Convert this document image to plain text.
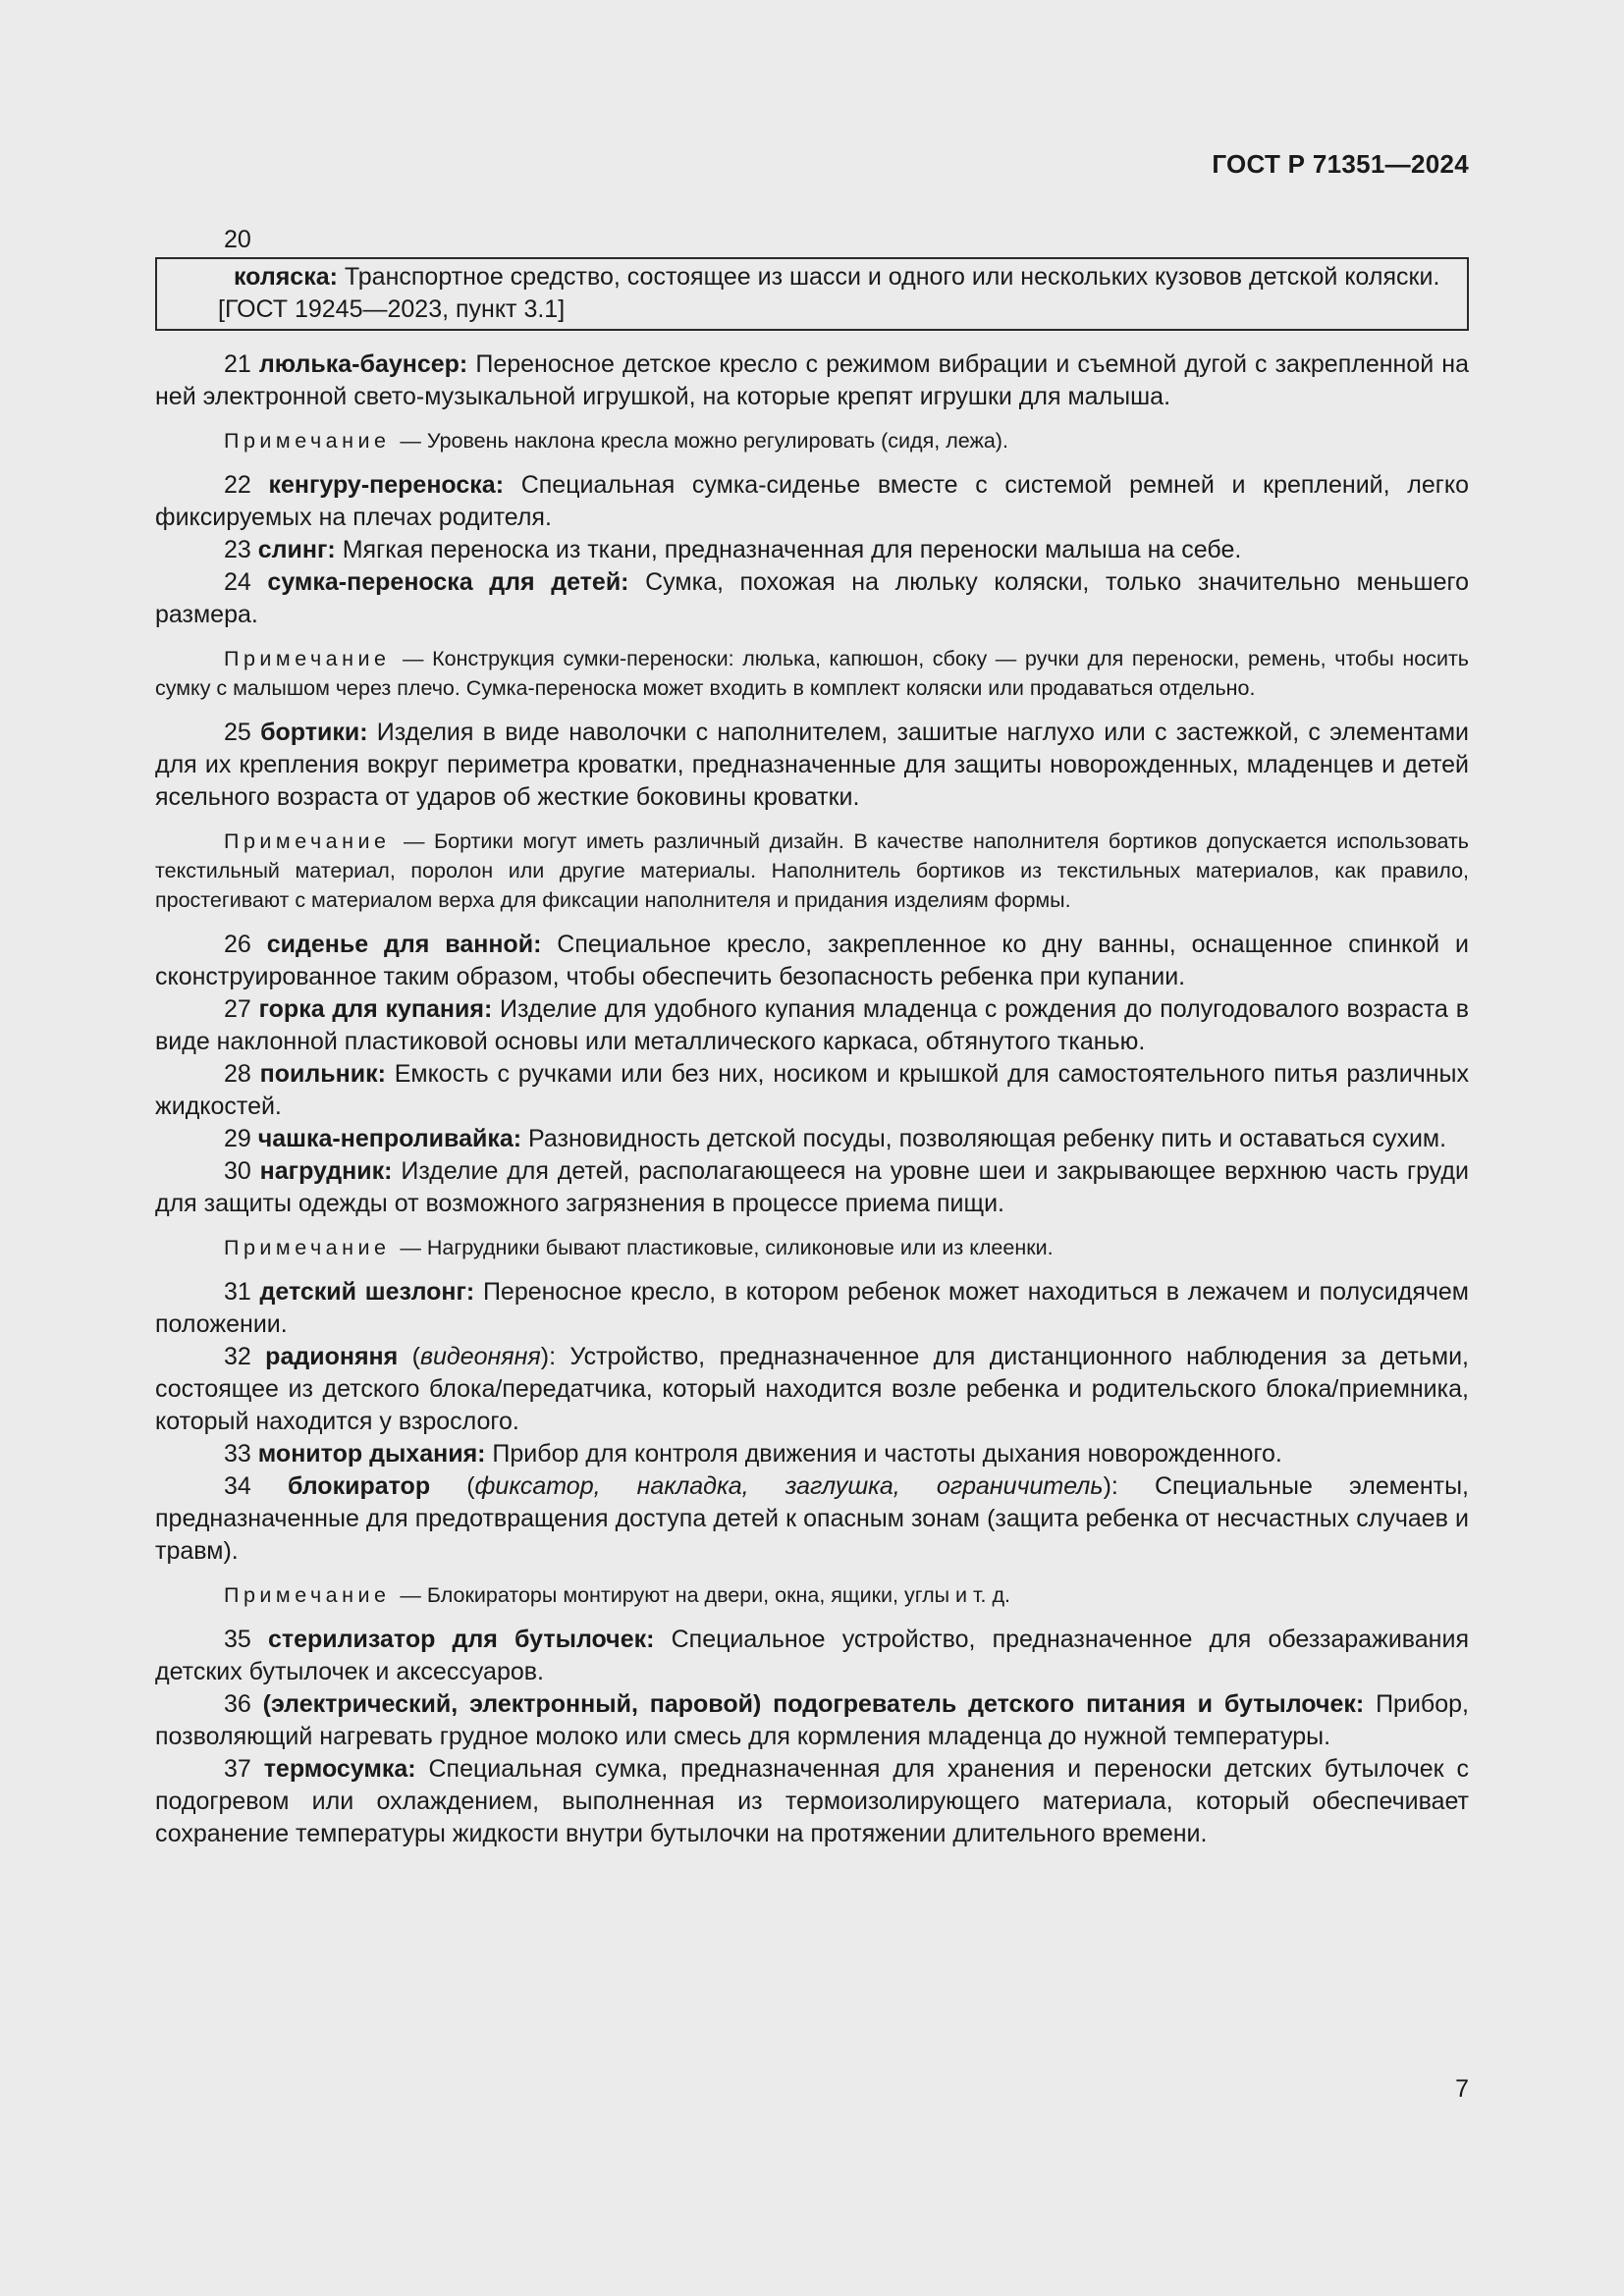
ГОСТ Р 71351—2024
20

коляска: Транспортное средство, состоящее из шасси и одного или нескольких кузовов детской коляски.

[ГОСТ 19245—2023, пункт 3.1]

21 люлька-баунсер: Переносное детское кресло с режимом вибрации и съемной дугой с закрепленной на ней электронной свето-музыкальной игрушкой, на которые крепят игрушки для малыша.

Примечание — Уровень наклона кресла можно регулировать (сидя, лежа).

22 кенгуру-переноска: Специальная сумка-сиденье вместе с системой ремней и креплений, легко фиксируемых на плечах родителя.

23 слинг: Мягкая переноска из ткани, предназначенная для переноски малыша на себе.

24 сумка-переноска для детей: Сумка, похожая на люльку коляски, только значительно меньшего размера.

Примечание — Конструкция сумки-переноски: люлька, капюшон, сбоку — ручки для переноски, ремень, чтобы носить сумку с малышом через плечо. Сумка-переноска может входить в комплект коляски или продаваться отдельно.

25 бортики: Изделия в виде наволочки с наполнителем, зашитые наглухо или с застежкой, с элементами для их крепления вокруг периметра кроватки, предназначенные для защиты новорожденных, младенцев и детей ясельного возраста от ударов об жесткие боковины кроватки.

Примечание — Бортики могут иметь различный дизайн. В качестве наполнителя бортиков допускается использовать текстильный материал, поролон или другие материалы. Наполнитель бортиков из текстильных материалов, как правило, простегивают с материалом верха для фиксации наполнителя и придания изделиям формы.

26 сиденье для ванной: Специальное кресло, закрепленное ко дну ванны, оснащенное спинкой и сконструированное таким образом, чтобы обеспечить безопасность ребенка при купании.

27 горка для купания: Изделие для удобного купания младенца с рождения до полугодовалого возраста в виде наклонной пластиковой основы или металлического каркаса, обтянутого тканью.

28 поильник: Емкость с ручками или без них, носиком и крышкой для самостоятельного питья различных жидкостей.

29 чашка-непроливайка: Разновидность детской посуды, позволяющая ребенку пить и оставаться сухим.

30 нагрудник: Изделие для детей, располагающееся на уровне шеи и закрывающее верхнюю часть груди для защиты одежды от возможного загрязнения в процессе приема пищи.

Примечание — Нагрудники бывают пластиковые, силиконовые или из клеенки.

31 детский шезлонг: Переносное кресло, в котором ребенок может находиться в лежачем и полусидячем положении.

32 радионяня (видеоняня): Устройство, предназначенное для дистанционного наблюдения за детьми, состоящее из детского блока/передатчика, который находится возле ребенка и родительского блока/приемника, который находится у взрослого.

33 монитор дыхания: Прибор для контроля движения и частоты дыхания новорожденного.

34 блокиратор (фиксатор, накладка, заглушка, ограничитель): Специальные элементы, предназначенные для предотвращения доступа детей к опасным зонам (защита ребенка от несчастных случаев и травм).

Примечание — Блокираторы монтируют на двери, окна, ящики, углы и т. д.

35 стерилизатор для бутылочек: Специальное устройство, предназначенное для обеззараживания детских бутылочек и аксессуаров.

36 (электрический, электронный, паровой) подогреватель детского питания и бутылочек: Прибор, позволяющий нагревать грудное молоко или смесь для кормления младенца до нужной температуры.

37 термосумка: Специальная сумка, предназначенная для хранения и переноски детских бутылочек с подогревом или охлаждением, выполненная из термоизолирующего материала, который обеспечивает сохранение температуры жидкости внутри бутылочки на протяжении длительного времени.

7
